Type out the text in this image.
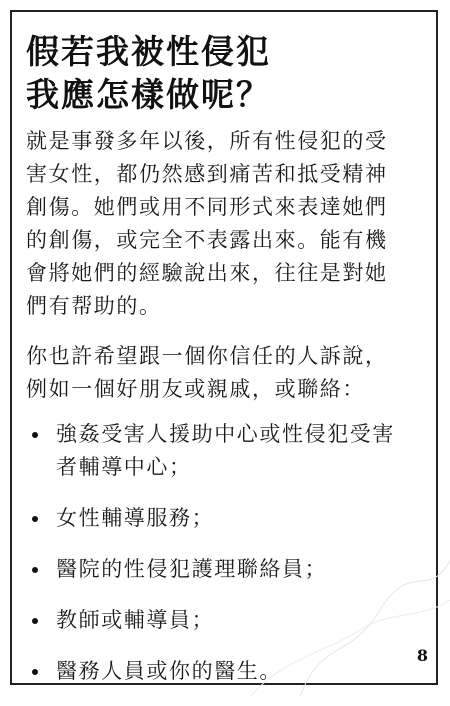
假若我被性侵犯
我應怎樣做呢？

就是事發多年以後，所有性侵犯的受
害女性，都仍然感到痛苦和抵受精神
創傷。她們或用不同形式來表達她們
的創傷，或完全不表露出來。能有機
會將她們的經驗說出來，往往是對她
們有帮助的。

你也許希望跟一個你信任的人訴說，
例如一個好朋友或親戚，或聯絡：

強姦受害人援助中心或性侵犯受害
者輔導中心；
女性輔導服務；
醫院的性侵犯護理聯絡員；
教師或輔導員；
醫務人員或你的醫生。
8
